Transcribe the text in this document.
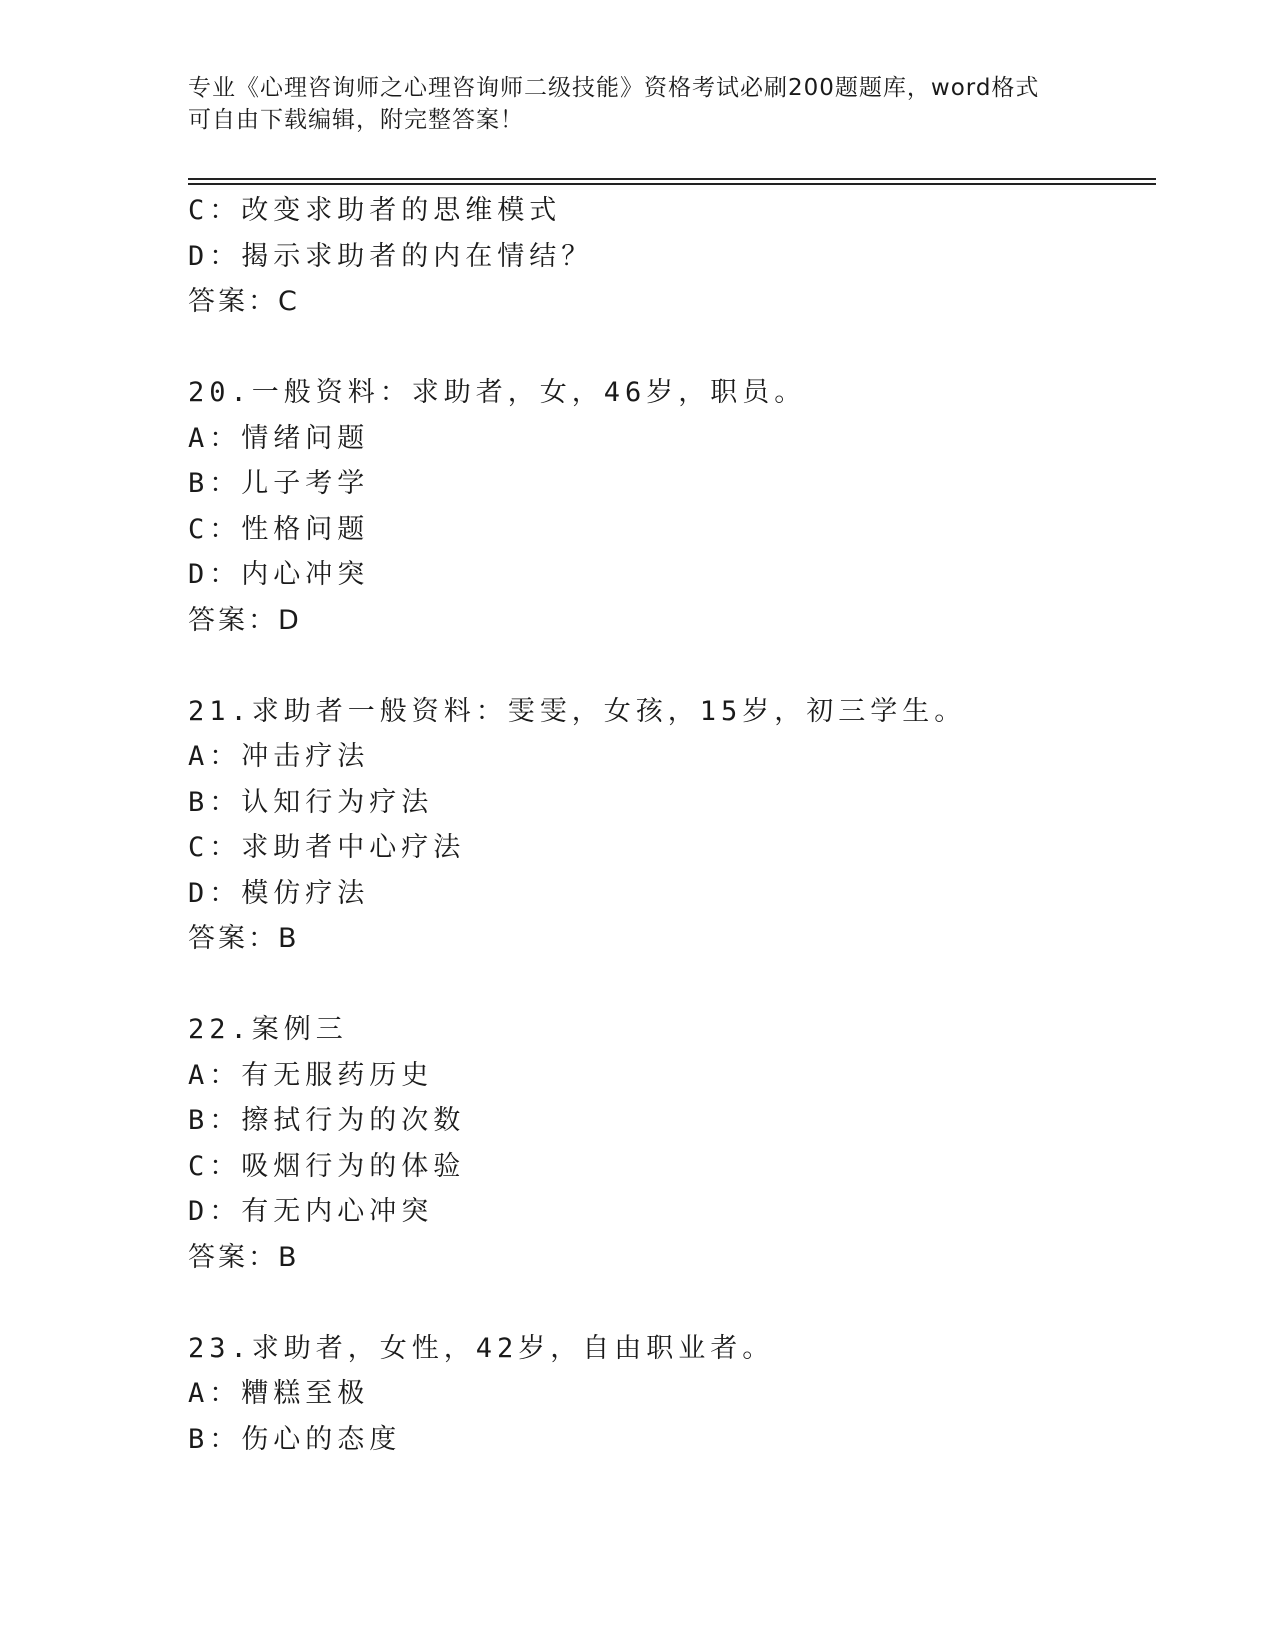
专业《心理咨询师之心理咨询师二级技能》资格考试必刷200题题库，word格式
可自由下载编辑，附完整答案！
C：改变求助者的思维模式
D：揭示求助者的内在情结？
答案：C
20.一般资料：求助者，女，46岁，职员。
A：情绪问题
B：儿子考学
C：性格问题
D：内心冲突
答案：D
21.求助者一般资料：雯雯，女孩，15岁，初三学生。
A：冲击疗法
B：认知行为疗法
C：求助者中心疗法
D：模仿疗法
答案：B
22.案例三
A：有无服药历史
B：擦拭行为的次数
C：吸烟行为的体验
D：有无内心冲突
答案：B
23.求助者，女性，42岁，自由职业者。
A：糟糕至极
B：伤心的态度
